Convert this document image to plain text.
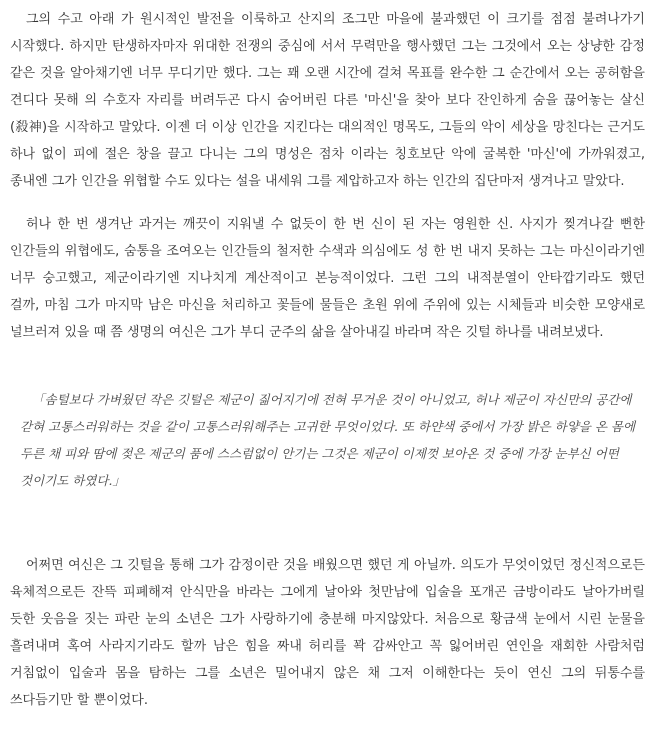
그의 수고 아래 가 원시적인 발전을 이룩하고 산지의 조그만 마을에 불과했던 이 크기를 점점 불려나가기 시작했다. 하지만 탄생하자마자 위대한 전쟁의 중심에 서서 무력만을 행사했던 그는 그것에서 오는 상냥한 감정 같은 것을 알아채기엔 너무 무디기만 했다. 그는 꽤 오랜 시간에 걸쳐 목표를 완수한 그 순간에서 오는 공허함을 견디다 못해 의 수호자 자리를 버려두곤 다시 숨어버린 다른 '마신'을 찾아 보다 잔인하게 숨을 끊어놓는 살신(殺神)을 시작하고 말았다. 이젠 더 이상 인간을 지킨다는 대의적인 명목도, 그들의 악이 세상을 망친다는 근거도 하나 없이 피에 절은 창을 끌고 다니는 그의 명성은 점차 이라는 칭호보단 악에 굴복한 '마신'에 가까워졌고, 종내엔 그가 인간을 위협할 수도 있다는 설을 내세워 그를 제압하고자 하는 인간의 집단마저 생겨나고 말았다.

허나 한 번 생겨난 과거는 깨끗이 지워낼 수 없듯이 한 번 신이 된 자는 영원한 신. 사지가 찢겨나갈 뻔한 인간들의 위협에도, 숨통을 조여오는 인간들의 철저한 수색과 의심에도 성 한 번 내지 못하는 그는 마신이라기엔 너무 숭고했고, 제군이라기엔 지나치게 계산적이고 본능적이었다. 그런 그의 내적분열이 안타깝기라도 했던 걸까, 마침 그가 마지막 남은 마신을 처리하고 꽃들에 물들은 초원 위에 주위에 있는 시체들과 비슷한 모양새로 널브러져 있을 때 쯤 생명의 여신은 그가 부디 군주의 삶을 살아내길 바라며 작은 깃털 하나를 내려보냈다.

「솜털보다 가벼웠던 작은 깃털은 제군이 짊어지기에 전혀 무거운 것이 아니었고, 허나 제군이 자신만의 공간에 갇혀 고통스러워하는 것을 같이 고통스러워해주는 고귀한 무엇이었다. 또 하얀색 중에서 가장 밝은 하얗을 온 몸에 두른 채 피와 땀에 젖은 제군의 품에 스스럼없이 안기는 그것은 제군이 이제껏 보아온 것 중에 가장 눈부신 어떤 것이기도 하였다.」

어쩌면 여신은 그 깃털을 통해 그가 감정이란 것을 배웠으면 했던 게 아닐까. 의도가 무엇이었던 정신적으로든 육체적으로든 잔뜩 피폐해져 안식만을 바라는 그에게 날아와 첫만남에 입술을 포개곤 금방이라도 날아가버릴 듯한 웃음을 짓는 파란 눈의 소년은 그가 사랑하기에 충분해 마지않았다. 처음으로 황금색 눈에서 시린 눈물을 흘려내며 혹여 사라지기라도 할까 남은 힘을 짜내 허리를 꽉 감싸안고 꼭 잃어버린 연인을 재회한 사람처럼 거침없이 입술과 몸을 탐하는 그를 소년은 밀어내지 않은 채 그저 이해한다는 듯이 연신 그의 뒤통수를 쓰다듬기만 할 뿐이었다.
